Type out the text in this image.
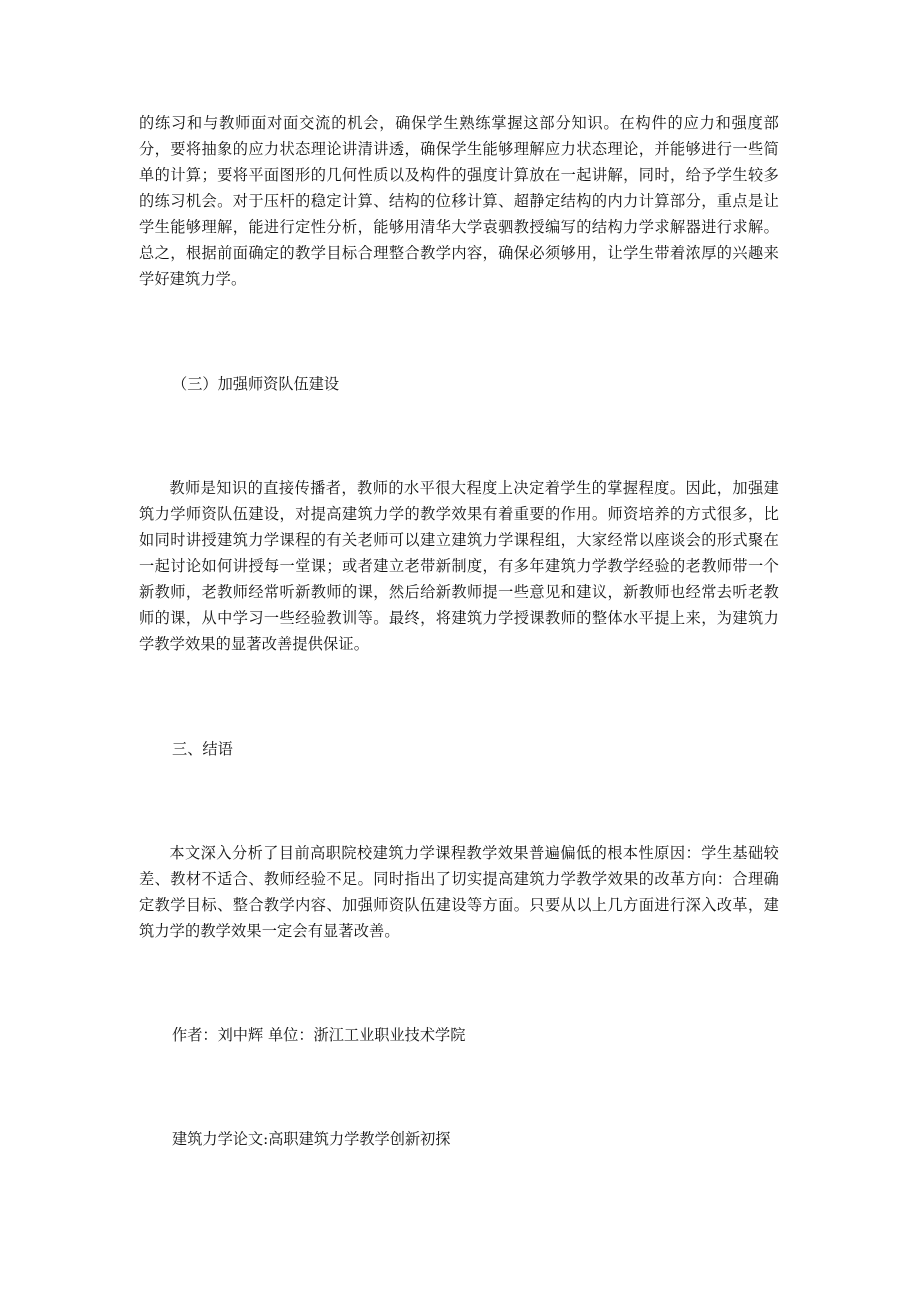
的练习和与教师面对面交流的机会，确保学生熟练掌握这部分知识。在构件的应力和强度部分，要将抽象的应力状态理论讲清讲透，确保学生能够理解应力状态理论，并能够进行一些简单的计算；要将平面图形的几何性质以及构件的强度计算放在一起讲解，同时，给予学生较多的练习机会。对于压杆的稳定计算、结构的位移计算、超静定结构的内力计算部分，重点是让学生能够理解，能进行定性分析，能够用清华大学袁驷教授编写的结构力学求解器进行求解。总之，根据前面确定的教学目标合理整合教学内容，确保必须够用，让学生带着浓厚的兴趣来学好建筑力学。

（三）加强师资队伍建设

教师是知识的直接传播者，教师的水平很大程度上决定着学生的掌握程度。因此，加强建筑力学师资队伍建设，对提高建筑力学的教学效果有着重要的作用。师资培养的方式很多，比如同时讲授建筑力学课程的有关老师可以建立建筑力学课程组，大家经常以座谈会的形式聚在一起讨论如何讲授每一堂课；或者建立老带新制度，有多年建筑力学教学经验的老教师带一个新教师，老教师经常听新教师的课，然后给新教师提一些意见和建议，新教师也经常去听老教师的课，从中学习一些经验教训等。最终，将建筑力学授课教师的整体水平提上来，为建筑力学教学效果的显著改善提供保证。

三、结语

本文深入分析了目前高职院校建筑力学课程教学效果普遍偏低的根本性原因：学生基础较差、教材不适合、教师经验不足。同时指出了切实提高建筑力学教学效果的改革方向：合理确定教学目标、整合教学内容、加强师资队伍建设等方面。只要从以上几方面进行深入改革，建筑力学的教学效果一定会有显著改善。

作者：刘中辉 单位：浙江工业职业技术学院

建筑力学论文:高职建筑力学教学创新初探
